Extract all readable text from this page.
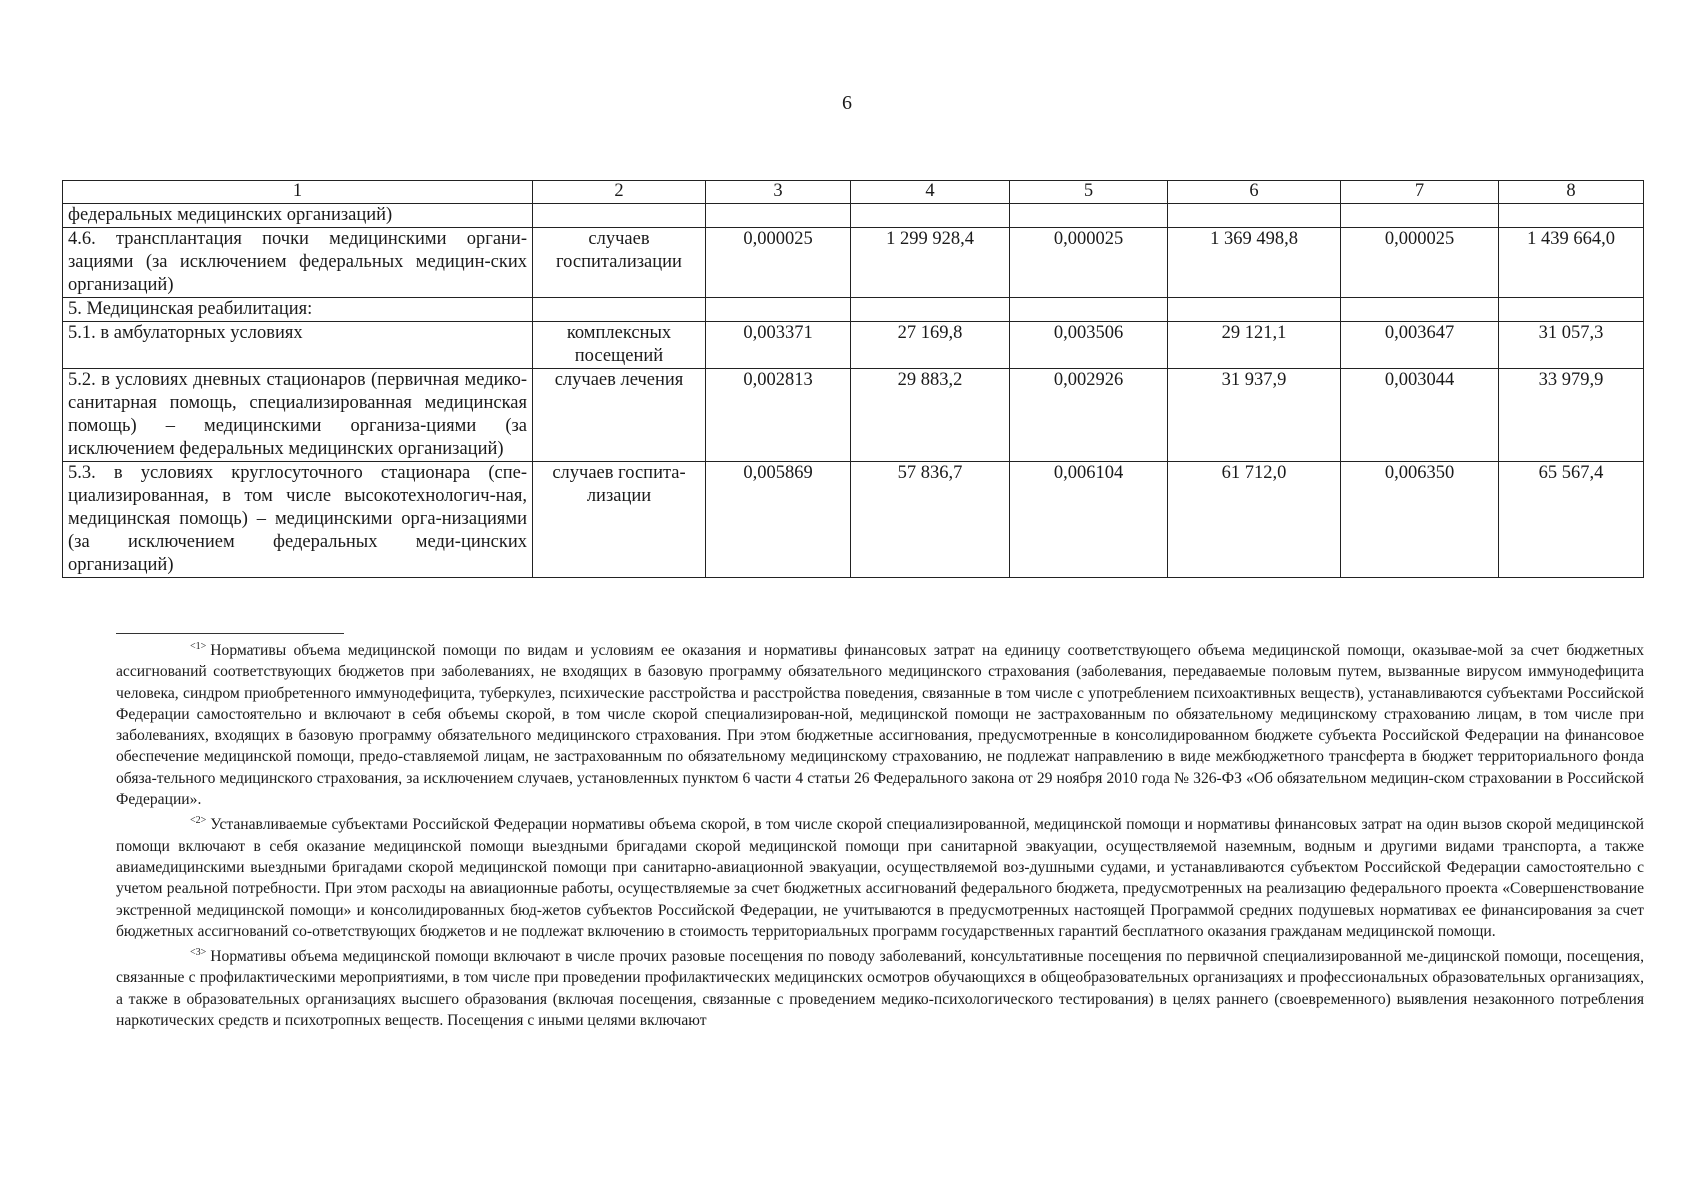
6
1	2	3	4	5	6	7	8
федеральных медицинских организаций)							
4.6. трансплантация почки медицинскими органи-зациями (за исключением федеральных медицин-ских организаций)	случаев госпитализации	0,000025	1 299 928,4	0,000025	1 369 498,8	0,000025	1 439 664,0
5. Медицинская реабилитация:							
5.1. в амбулаторных условиях	комплексных посещений	0,003371	27 169,8	0,003506	29 121,1	0,003647	31 057,3
5.2. в условиях дневных стационаров (первичная медико-санитарная помощь, специализированная медицинская помощь) – медицинскими организа-циями (за исключением федеральных медицинских организаций)	случаев лечения	0,002813	29 883,2	0,002926	31 937,9	0,003044	33 979,9
5.3. в условиях круглосуточного стационара (спе-циализированная, в том числе высокотехнологич-ная, медицинская помощь) – медицинскими орга-низациями (за исключением федеральных меди-цинских организаций)	случаев госпита-лизации	0,005869	57 836,7	0,006104	61 712,0	0,006350	65 567,4

$^{<1>}$ Нормативы объема медицинской помощи по видам и условиям ее оказания и нормативы финансовых затрат на единицу соответствующего объема медицинской помощи, оказывае-мой за счет бюджетных ассигнований соответствующих бюджетов при заболеваниях, не входящих в базовую программу обязательного медицинского страхования (заболевания, передаваемые половым путем, вызванные вирусом иммунодефицита человека, синдром приобретенного иммунодефицита, туберкулез, психические расстройства и расстройства поведения, связанные в том числе с употреблением психоактивных веществ), устанавливаются субъектами Российской Федерации самостоятельно и включают в себя объемы скорой, в том числе скорой специализирован-ной, медицинской помощи не застрахованным по обязательному медицинскому страхованию лицам, в том числе при заболеваниях, входящих в базовую программу обязательного медицинского страхования. При этом бюджетные ассигнования, предусмотренные в консолидированном бюджете субъекта Российской Федерации на финансовое обеспечение медицинской помощи, предо-ставляемой лицам, не застрахованным по обязательному медицинскому страхованию, не подлежат направлению в виде межбюджетного трансферта в бюджет территориального фонда обяза-тельного медицинского страхования, за исключением случаев, установленных пунктом 6 части 4 статьи 26 Федерального закона от 29 ноября 2010 года № 326-ФЗ «Об обязательном медицин-ском страховании в Российской Федерации».

$^{<2>}$ Устанавливаемые субъектами Российской Федерации нормативы объема скорой, в том числе скорой специализированной, медицинской помощи и нормативы финансовых затрат на один вызов скорой медицинской помощи включают в себя оказание медицинской помощи выездными бригадами скорой медицинской помощи при санитарной эвакуации, осуществляемой наземным, водным и другими видами транспорта, а также авиамедицинскими выездными бригадами скорой медицинской помощи при санитарно-авиационной эвакуации, осуществляемой воз-душными судами, и устанавливаются субъектом Российской Федерации самостоятельно с учетом реальной потребности. При этом расходы на авиационные работы, осуществляемые за счет бюджетных ассигнований федерального бюджета, предусмотренных на реализацию федерального проекта «Совершенствование экстренной медицинской помощи» и консолидированных бюд-жетов субъектов Российской Федерации, не учитываются в предусмотренных настоящей Программой средних подушевых нормативах ее финансирования за счет бюджетных ассигнований со-ответствующих бюджетов и не подлежат включению в стоимость территориальных программ государственных гарантий бесплатного оказания гражданам медицинской помощи.

$^{<3>}$ Нормативы объема медицинской помощи включают в числе прочих разовые посещения по поводу заболеваний, консультативные посещения по первичной специализированной ме-дицинской помощи, посещения, связанные с профилактическими мероприятиями, в том числе при проведении профилактических медицинских осмотров обучающихся в общеобразовательных организациях и профессиональных образовательных организациях, а также в образовательных организациях высшего образования (включая посещения, связанные с проведением медико-психологического тестирования) в целях раннего (своевременного) выявления незаконного потребления наркотических средств и психотропных веществ. Посещения с иными целями включают
